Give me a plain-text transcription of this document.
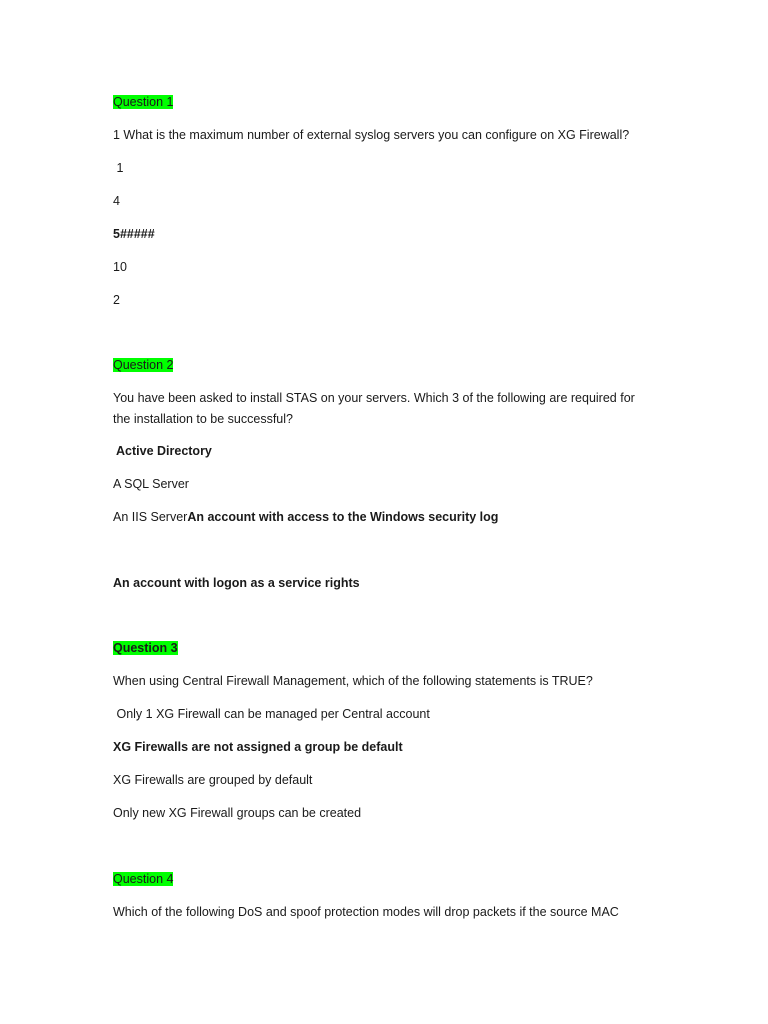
Question 1
1 What is the maximum number of external syslog servers you can configure on XG Firewall?
1
4
5#####
10
2
Question 2
You have been asked to install STAS on your servers. Which 3 of the following are required for the installation to be successful?
Active Directory
A SQL Server
An IIS ServerAn account with access to the Windows security log
An account with logon as a service rights
Question 3
When using Central Firewall Management, which of the following statements is TRUE?
Only 1 XG Firewall can be managed per Central account
XG Firewalls are not assigned a group be default
XG Firewalls are grouped by default
Only new XG Firewall groups can be created
Question 4
Which of the following DoS and spoof protection modes will drop packets if the source MAC
